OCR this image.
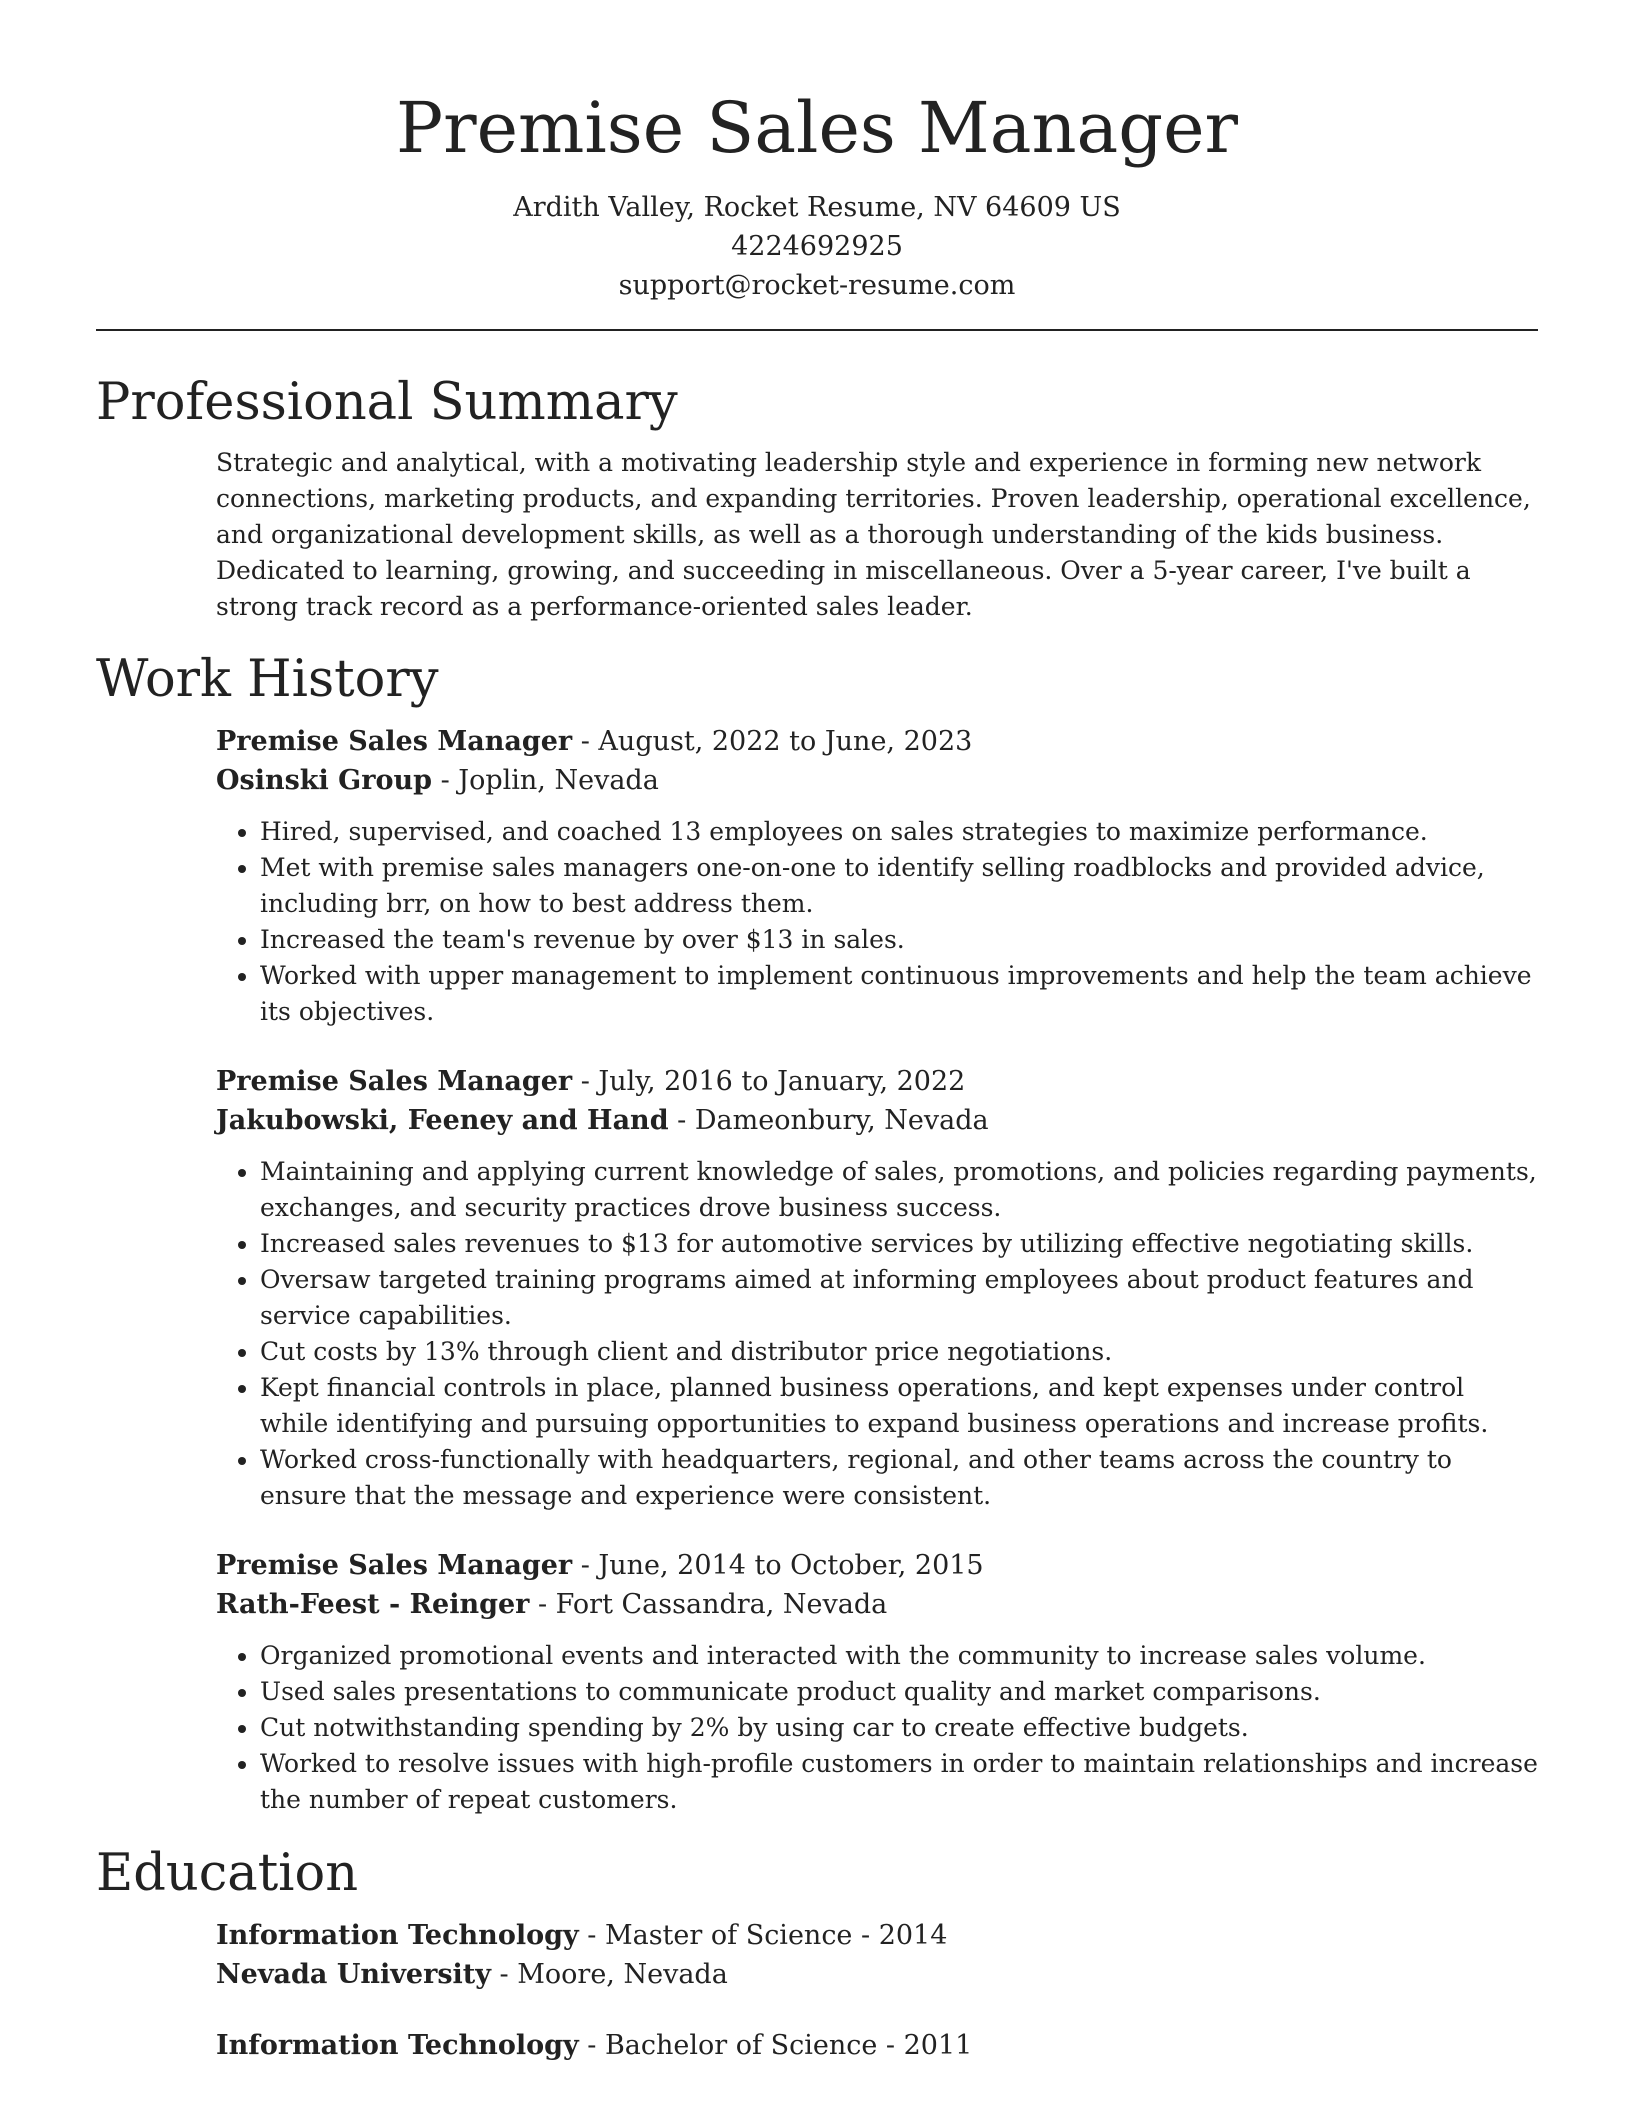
Premise Sales Manager
Ardith Valley, Rocket Resume, NV 64609 US
4224692925
support@rocket-resume.com
Professional Summary

Strategic and analytical, with a motivating leadership style and experience in forming new network connections, marketing products, and expanding territories. Proven leadership, operational excellence, and organizational development skills, as well as a thorough understanding of the kids business. Dedicated to learning, growing, and succeeding in miscellaneous. Over a 5-year career, I've built a strong track record as a performance-oriented sales leader.

Work History
Premise Sales Manager - August, 2022 to June, 2023
Osinski Group - Joplin, Nevada
• Hired, supervised, and coached 13 employees on sales strategies to maximize performance.
• Met with premise sales managers one-on-one to identify selling roadblocks and provided advice, including brr, on how to best address them.
• Increased the team's revenue by over $13 in sales.
• Worked with upper management to implement continuous improvements and help the team achieve its objectives.
Premise Sales Manager - July, 2016 to January, 2022
Jakubowski, Feeney and Hand - Dameonbury, Nevada
• Maintaining and applying current knowledge of sales, promotions, and policies regarding payments, exchanges, and security practices drove business success.
• Increased sales revenues to $13 for automotive services by utilizing effective negotiating skills.
• Oversaw targeted training programs aimed at informing employees about product features and service capabilities.
• Cut costs by 13% through client and distributor price negotiations.
• Kept financial controls in place, planned business operations, and kept expenses under control while identifying and pursuing opportunities to expand business operations and increase profits.
• Worked cross-functionally with headquarters, regional, and other teams across the country to ensure that the message and experience were consistent.
Premise Sales Manager - June, 2014 to October, 2015
Rath-Feest - Reinger - Fort Cassandra, Nevada
• Organized promotional events and interacted with the community to increase sales volume.
• Used sales presentations to communicate product quality and market comparisons.
• Cut notwithstanding spending by 2% by using car to create effective budgets.
• Worked to resolve issues with high-profile customers in order to maintain relationships and increase the number of repeat customers.
Education
Information Technology - Master of Science - 2014
Nevada University - Moore, Nevada
Information Technology - Bachelor of Science - 2011
